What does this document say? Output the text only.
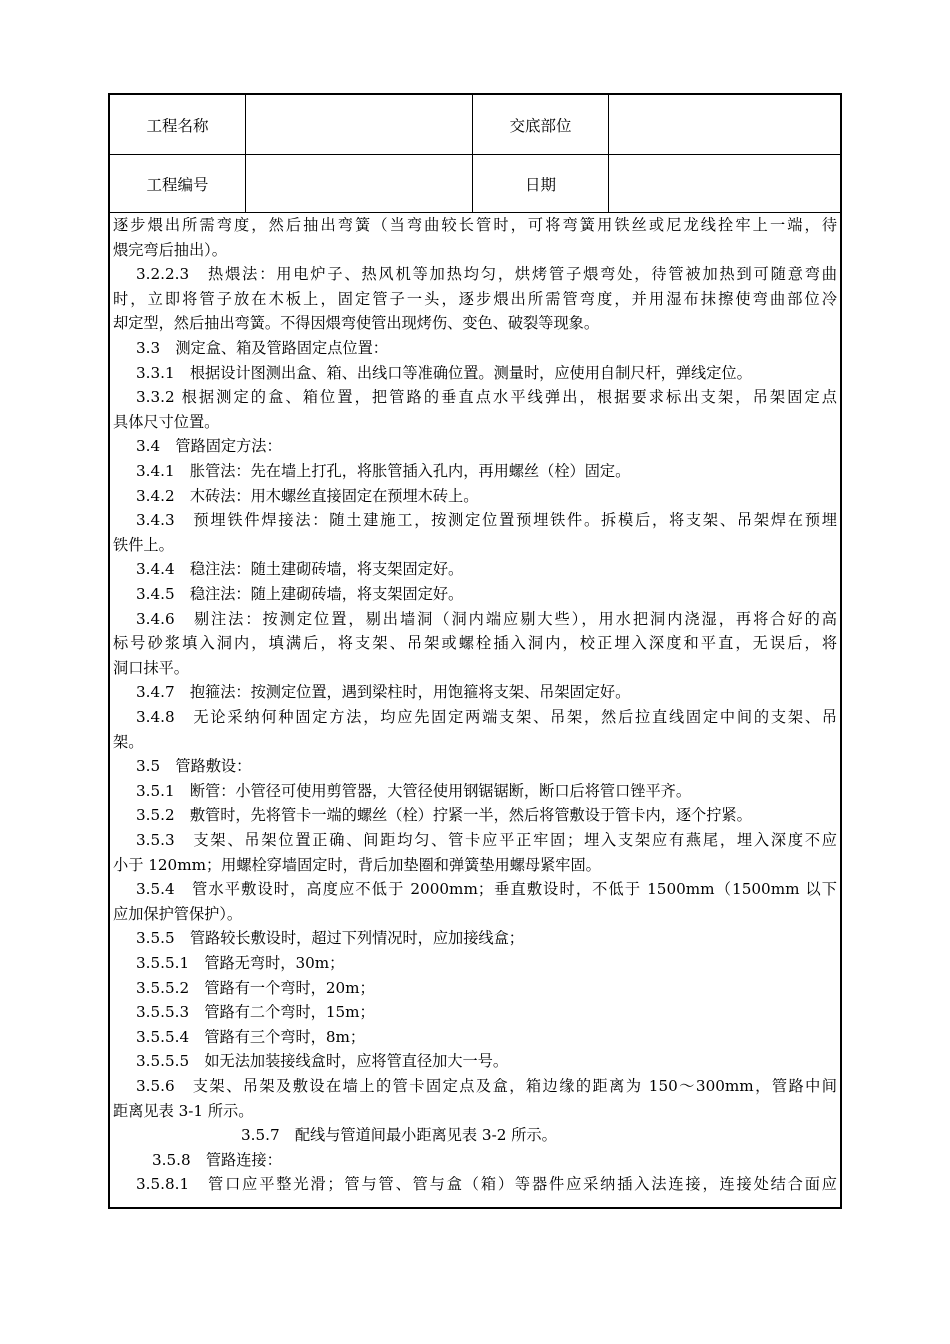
工程名称	交底部位
工程编号	日期
逐步煨出所需弯度，然后抽出弯簧（当弯曲较长管时，可将弯簧用铁丝或尼龙线拴牢上一端，待
煨完弯后抽出）。
3.2.2.3　热煨法：用电炉子、热风机等加热均匀，烘烤管子煨弯处，待管被加热到可随意弯曲
时，立即将管子放在木板上，固定管子一头，逐步煨出所需管弯度，并用湿布抹擦使弯曲部位冷
却定型，然后抽出弯簧。不得因煨弯使管出现烤伤、变色、破裂等现象。
3.3　测定盒、箱及管路固定点位置：
3.3.1　根据设计图测出盒、箱、出线口等准确位置。测量时，应使用自制尺杆，弹线定位。
3.3.2 根据测定的盒、箱位置，把管路的垂直点水平线弹出，根据要求标出支架，吊架固定点
具体尺寸位置。
3.4　管路固定方法：
3.4.1　胀管法：先在墙上打孔，将胀管插入孔内，再用螺丝（栓）固定。
3.4.2　木砖法：用木螺丝直接固定在预埋木砖上。
3.4.3　预埋铁件焊接法：随土建施工，按测定位置预埋铁件。拆模后，将支架、吊架焊在预埋
铁件上。
3.4.4　稳注法：随土建砌砖墙，将支架固定好。
3.4.5　稳注法：随上建砌砖墙，将支架固定好。
3.4.6　剔注法：按测定位置，剔出墙洞（洞内端应剔大些），用水把洞内浇湿，再将合好的高
标号砂浆填入洞内，填满后，将支架、吊架或螺栓插入洞内，校正埋入深度和平直，无误后，将
洞口抹平。
3.4.7　抱箍法：按测定位置，遇到梁柱时，用饱箍将支架、吊架固定好。
3.4.8　无论采纳何种固定方法，均应先固定两端支架、吊架，然后拉直线固定中间的支架、吊
架。
3.5　管路敷设：
3.5.1　断管：小管径可使用剪管器，大管径使用钢锯锯断，断口后将管口锉平齐。
3.5.2　敷管时，先将管卡一端的螺丝（栓）拧紧一半，然后将管敷设于管卡内，逐个拧紧。
3.5.3　支架、吊架位置正确、间距均匀、管卡应平正牢固；埋入支架应有燕尾，埋入深度不应
小于 120mm；用螺栓穿墙固定时，背后加垫圈和弹簧垫用螺母紧牢固。
3.5.4　管水平敷设时，高度应不低于 2000mm；垂直敷设时，不低于 1500mm（1500mm 以下
应加保护管保护）。
3.5.5　管路较长敷设时，超过下列情况时，应加接线盒；
3.5.5.1　管路无弯时，30m；
3.5.5.2　管路有一个弯时，20m；
3.5.5.3　管路有二个弯时，15m；
3.5.5.4　管路有三个弯时，8m；
3.5.5.5　如无法加装接线盒时，应将管直径加大一号。
3.5.6　支架、吊架及敷设在墙上的管卡固定点及盒，箱边缘的距离为 150～300mm，管路中间
距离见表 3-1 所示。
3.5.7　配线与管道间最小距离见表 3-2 所示。
3.5.8　管路连接：
3.5.8.1　管口应平整光滑；管与管、管与盒（箱）等器件应采纳插入法连接，连接处结合面应
